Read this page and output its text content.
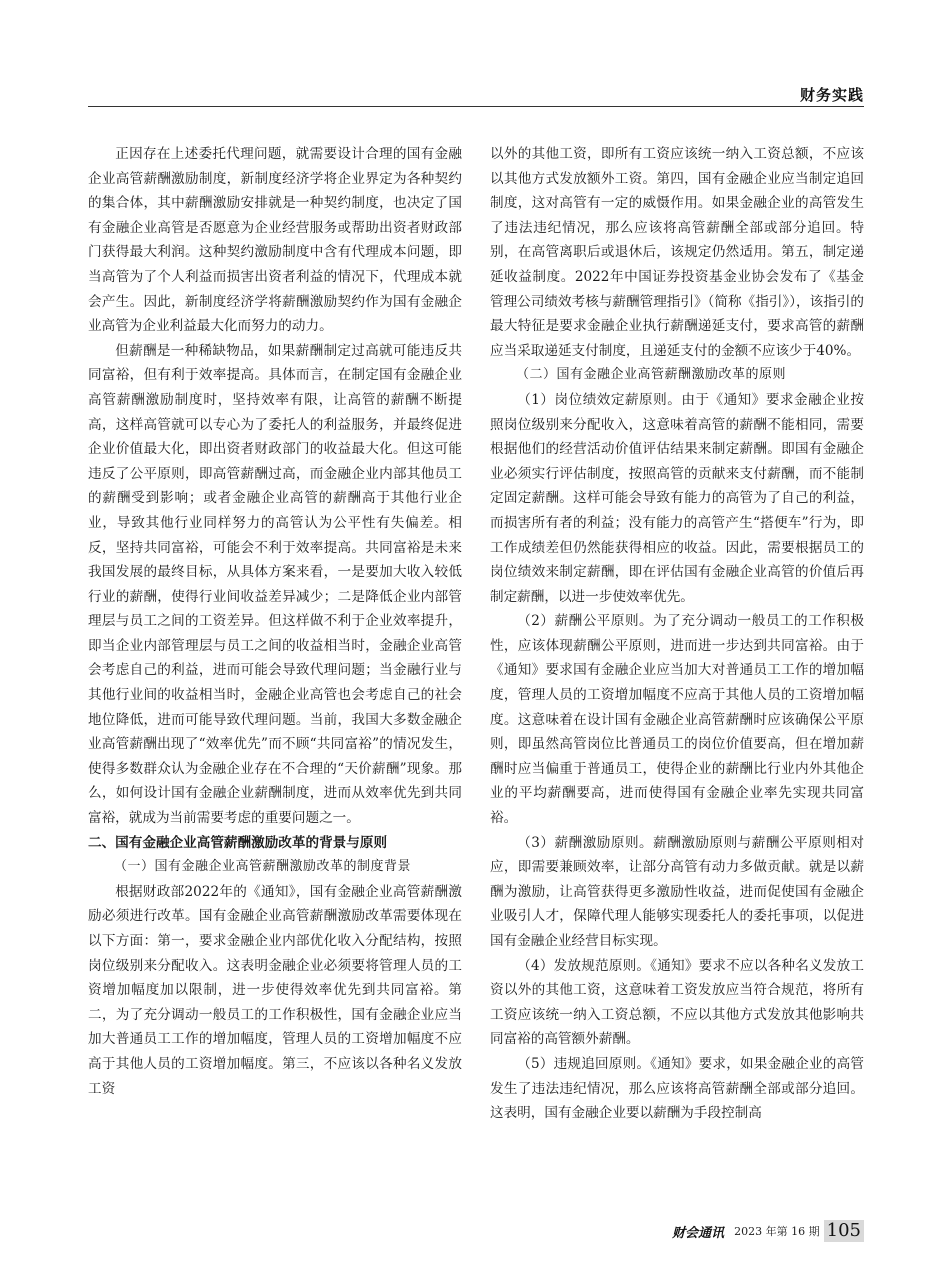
财务实践

正因存在上述委托代理问题，就需要设计合理的国有金融企业高管薪酬激励制度，新制度经济学将企业界定为各种契约的集合体，其中薪酬激励安排就是一种契约制度，也决定了国有金融企业高管是否愿意为企业经营服务或帮助出资者财政部门获得最大利润。这种契约激励制度中含有代理成本问题，即当高管为了个人利益而损害出资者利益的情况下，代理成本就会产生。因此，新制度经济学将薪酬激励契约作为国有金融企业高管为企业利益最大化而努力的动力。

但薪酬是一种稀缺物品，如果薪酬制定过高就可能违反共同富裕，但有利于效率提高。具体而言，在制定国有金融企业高管薪酬激励制度时，坚持效率有限，让高管的薪酬不断提高，这样高管就可以专心为了委托人的利益服务，并最终促进企业价值最大化，即出资者财政部门的收益最大化。但这可能违反了公平原则，即高管薪酬过高，而金融企业内部其他员工的薪酬受到影响；或者金融企业高管的薪酬高于其他行业企业，导致其他行业同样努力的高管认为公平性有失偏差。相反，坚持共同富裕，可能会不利于效率提高。共同富裕是未来我国发展的最终目标，从具体方案来看，一是要加大收入较低行业的薪酬，使得行业间收益差异减少；二是降低企业内部管理层与员工之间的工资差异。但这样做不利于企业效率提升，即当企业内部管理层与员工之间的收益相当时，金融企业高管会考虑自己的利益，进而可能会导致代理问题；当金融行业与其他行业间的收益相当时，金融企业高管也会考虑自己的社会地位降低，进而可能导致代理问题。当前，我国大多数金融企业高管薪酬出现了“效率优先”而不顾“共同富裕”的情况发生，使得多数群众认为金融企业存在不合理的“天价薪酬”现象。那么，如何设计国有金融企业薪酬制度，进而从效率优先到共同富裕，就成为当前需要考虑的重要问题之一。

二、国有金融企业高管薪酬激励改革的背景与原则

（一）国有金融企业高管薪酬激励改革的制度背景

根据财政部2022年的《通知》，国有金融企业高管薪酬激励必须进行改革。国有金融企业高管薪酬激励改革需要体现在以下方面：第一，要求金融企业内部优化收入分配结构，按照岗位级别来分配收入。这表明金融企业必须要将管理人员的工资增加幅度加以限制，进一步使得效率优先到共同富裕。第二，为了充分调动一般员工的工作积极性，国有金融企业应当加大普通员工工作的增加幅度，管理人员的工资增加幅度不应高于其他人员的工资增加幅度。第三，不应该以各种名义发放工资

以外的其他工资，即所有工资应该统一纳入工资总额，不应该以其他方式发放额外工资。第四，国有金融企业应当制定追回制度，这对高管有一定的威慑作用。如果金融企业的高管发生了违法违纪情况，那么应该将高管薪酬全部或部分追回。特别，在高管离职后或退休后，该规定仍然适用。第五，制定递延收益制度。2022年中国证券投资基金业协会发布了《基金管理公司绩效考核与薪酬管理指引》（简称《指引》），该指引的最大特征是要求金融企业执行薪酬递延支付，要求高管的薪酬应当采取递延支付制度，且递延支付的金额不应该少于40%。

（二）国有金融企业高管薪酬激励改革的原则

（1）岗位绩效定薪原则。由于《通知》要求金融企业按照岗位级别来分配收入，这意味着高管的薪酬不能相同，需要根据他们的经营活动价值评估结果来制定薪酬。即国有金融企业必须实行评估制度，按照高管的贡献来支付薪酬，而不能制定固定薪酬。这样可能会导致有能力的高管为了自己的利益，而损害所有者的利益；没有能力的高管产生“搭便车”行为，即工作成绩差但仍然能获得相应的收益。因此，需要根据员工的岗位绩效来制定薪酬，即在评估国有金融企业高管的价值后再制定薪酬，以进一步使效率优先。

（2）薪酬公平原则。为了充分调动一般员工的工作积极性，应该体现薪酬公平原则，进而进一步达到共同富裕。由于《通知》要求国有金融企业应当加大对普通员工工作的增加幅度，管理人员的工资增加幅度不应高于其他人员的工资增加幅度。这意味着在设计国有金融企业高管薪酬时应该确保公平原则，即虽然高管岗位比普通员工的岗位价值要高，但在增加薪酬时应当偏重于普通员工，使得企业的薪酬比行业内外其他企业的平均薪酬要高，进而使得国有金融企业率先实现共同富裕。

（3）薪酬激励原则。薪酬激励原则与薪酬公平原则相对应，即需要兼顾效率，让部分高管有动力多做贡献。就是以薪酬为激励，让高管获得更多激励性收益，进而促使国有金融企业吸引人才，保障代理人能够实现委托人的委托事项，以促进国有金融企业经营目标实现。

（4）发放规范原则。《通知》要求不应以各种名义发放工资以外的其他工资，这意味着工资发放应当符合规范，将所有工资应该统一纳入工资总额，不应以其他方式发放其他影响共同富裕的高管额外薪酬。

（5）违规追回原则。《通知》要求，如果金融企业的高管发生了违法违纪情况，那么应该将高管薪酬全部或部分追回。这表明，国有金融企业要以薪酬为手段控制高

财会通讯 2023 年第 16 期 105
